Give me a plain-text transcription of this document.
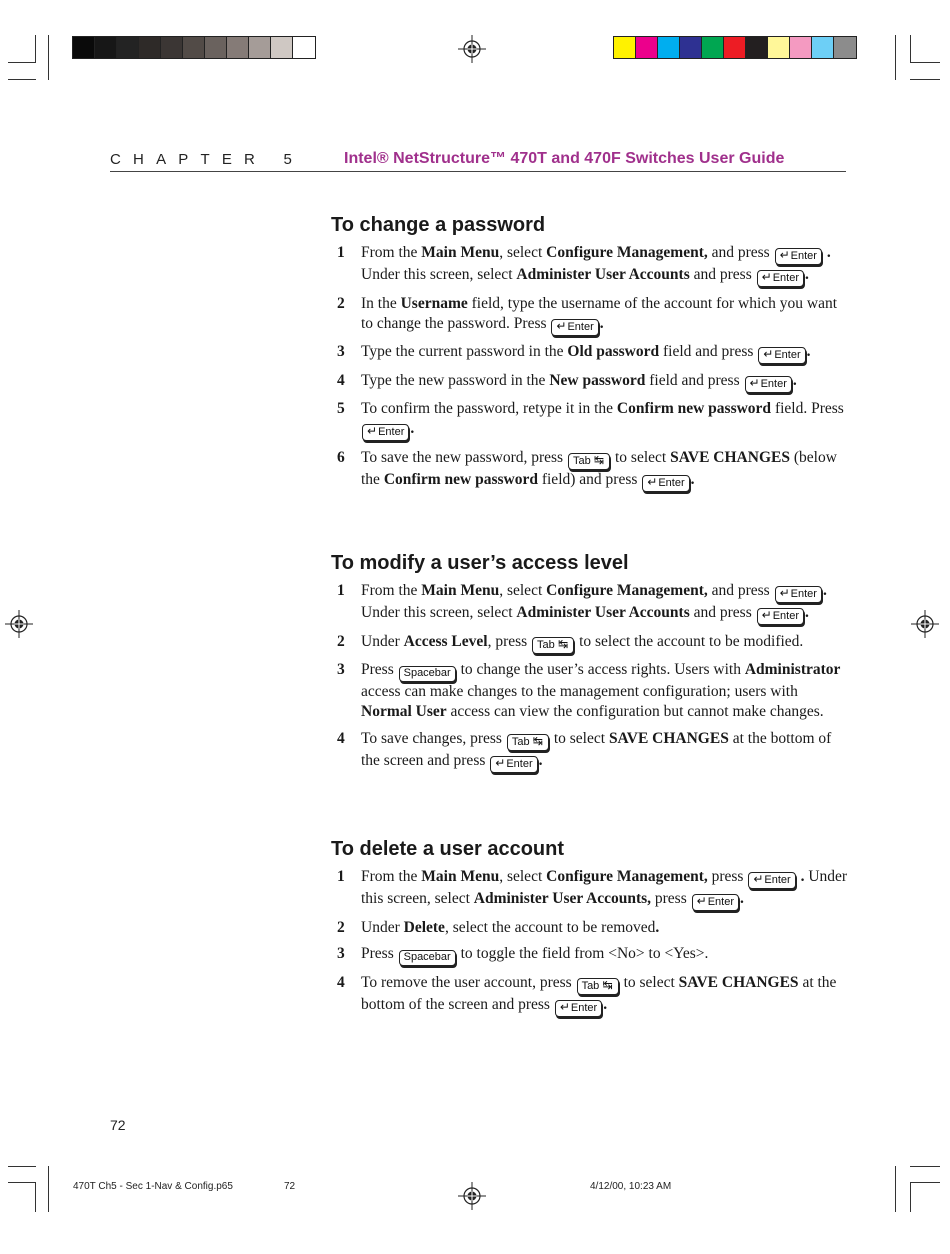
CHAPTER 5	Intel® NetStructure™ 470T and 470F Switches User Guide
To change a password
1 From the Main Menu, select Configure Management, and press ↵Enter . Under this screen, select Administer User Accounts and press ↵Enter .
2 In the Username field, type the username of the account for which you want to change the password. Press ↵Enter .
3 Type the current password in the Old password field and press ↵Enter .
4 Type the new password in the New password field and press ↵Enter .
5 To confirm the password, retype it in the Confirm new password field. Press ↵Enter .
6 To save the new password, press Tab ↹ to select SAVE CHANGES (below the Confirm new password field) and press ↵Enter .
To modify a user’s access level
1 From the Main Menu, select Configure Management, and press ↵Enter . Under this screen, select Administer User Accounts and press ↵Enter .
2 Under Access Level, press Tab ↹ to select the account to be modified.
3 Press Spacebar to change the user’s access rights. Users with Administrator access can make changes to the management configuration; users with Normal User access can view the configuration but cannot make changes.
4 To save changes, press Tab ↹ to select SAVE CHANGES at the bottom of the screen and press ↵Enter .
To delete a user account
1 From the Main Menu, select Configure Management, press ↵Enter . Under this screen, select Administer User Accounts, press ↵Enter .
2 Under Delete, select the account to be removed.
3 Press Spacebar to toggle the field from <No> to <Yes>.
4 To remove the user account, press Tab ↹ to select SAVE CHANGES at the bottom of the screen and press ↵Enter .
72
470T Ch5 - Sec 1-Nav & Config.p65	72	4/12/00, 10:23 AM
